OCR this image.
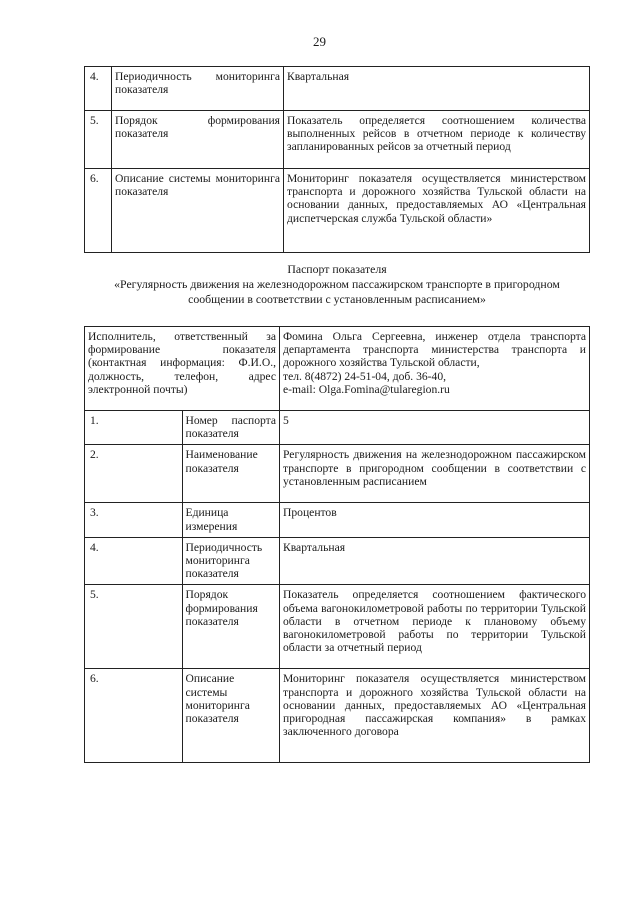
29
4.	Периодичность мониторинга показателя	Квартальная
5.	Порядок формирования показателя	Показатель определяется соотношением количества выполненных рейсов в отчетном периоде к количеству запланированных рейсов за отчетный период
6.	Описание системы мониторинга показателя	Мониторинг показателя осуществляется министерством транспорта и дорожного хозяйства Тульской области на основании данных, предоставляемых АО «Центральная диспетчерская служба Тульской области»
Паспорт показателя
«Регулярность движения на железнодорожном пассажирском транспорте в пригородном
сообщении в соответствии с установленным расписанием»
Исполнитель, ответственный за формирование показателя (контактная информация: Ф.И.О., должность, телефон, адрес электронной почты)		Фомина Ольга Сергеевна, инженер отдела транспорта департамента транспорта министерства транспорта и дорожного хозяйства Тульской области,
тел. 8(4872) 24-51-04, доб. 36-40,
e-mail: Olga.Fomina@tularegion.ru

1.	Номер паспорта показателя	5
2.	Наименование показателя	Регулярность движения на железнодорожном пассажирском транспорте в пригородном сообщении в соответствии с установленным расписанием
3.	Единица измерения	Процентов
4.	Периодичность мониторинга показателя	Квартальная
5.	Порядок формирования показателя	Показатель определяется соотношением фактического объема вагонокилометровой работы по территории Тульской области в отчетном периоде к плановому объему вагонокилометровой работы по территории Тульской области за отчетный период
6.	Описание системы мониторинга показателя	Мониторинг показателя осуществляется министерством транспорта и дорожного хозяйства Тульской области на основании данных, предоставляемых АО «Центральная пригородная пассажирская компания» в рамках заключенного договора
